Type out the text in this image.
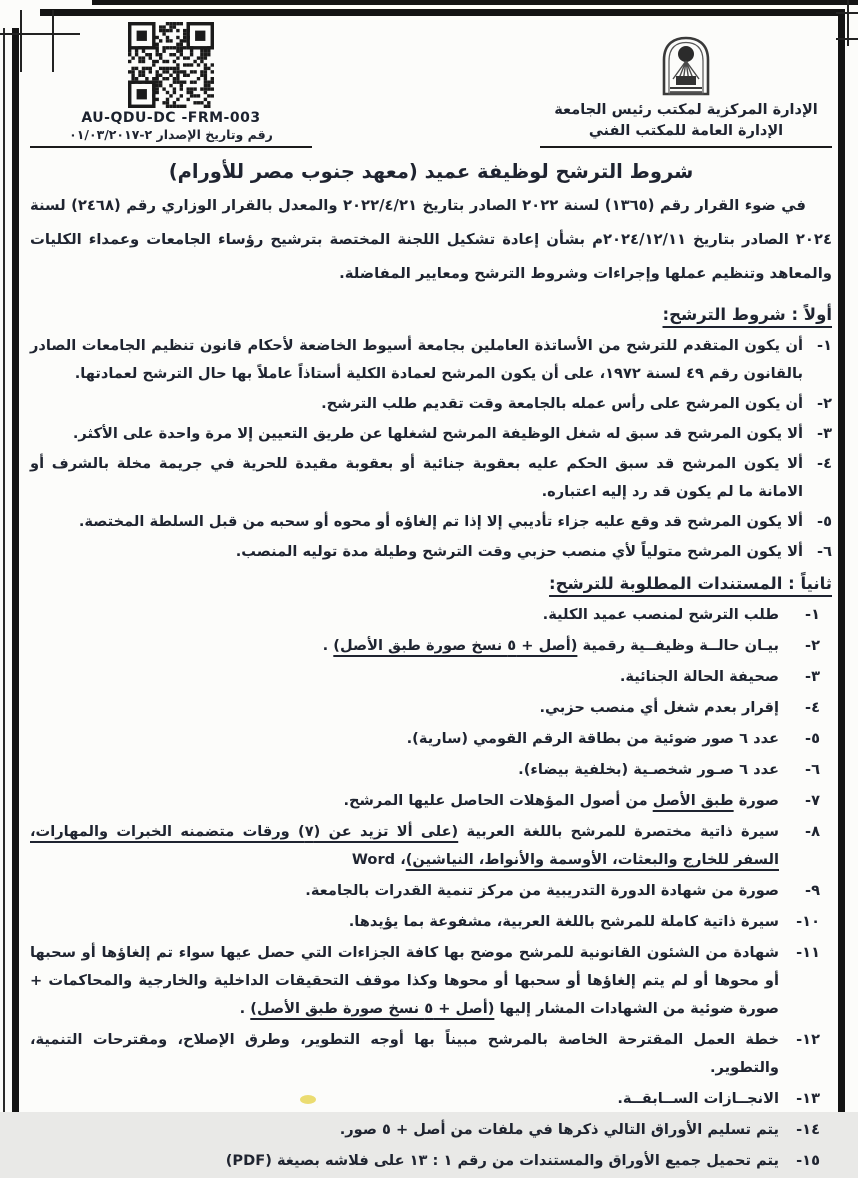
AU-QDU-DC -FRM-003
رقم وتاريخ الإصدار ٢-٠١/٠٣/٢٠١٧
الإدارة المركزية لمكتب رئيس الجامعة
الإدارة العامة للمكتب الفني
شروط الترشح لوظيفة عميد (معهد جنوب مصر للأورام)

في ضوء القرار رقم (١٣٦٥) لسنة ٢٠٢٢ الصادر بتاريخ ٢٠٢٢/٤/٢١ والمعدل بالقرار الوزاري رقم (٢٤٦٨) لسنة ٢٠٢٤ الصادر بتاريخ ٢٠٢٤/١٢/١١م بشأن إعادة تشكيل اللجنة المختصة بترشيح رؤساء الجامعات وعمداء الكليات والمعاهد وتنظيم عملها وإجراءات وشروط الترشح ومعايير المفاضلة.

أولاً : شروط الترشح:
١-
أن يكون المتقدم للترشح من الأساتذة العاملين بجامعة أسيوط الخاضعة لأحكام قانون تنظيم الجامعات الصادر بالقانون رقم ٤٩ لسنة ١٩٧٢، على أن يكون المرشح لعمادة الكلية أستاذاً عاملاً بها حال الترشح لعمادتها.
٢-
أن يكون المرشح على رأس عمله بالجامعة وقت تقديم طلب الترشح.
٣-
ألا يكون المرشح قد سبق له شغل الوظيفة المرشح لشغلها عن طريق التعيين إلا مرة واحدة على الأكثر.
٤-
ألا يكون المرشح قد سبق الحكم عليه بعقوبة جنائية أو بعقوبة مقيدة للحرية في جريمة مخلة بالشرف أو الامانة ما لم يكون قد رد إليه اعتباره.
٥-
ألا يكون المرشح قد وقع عليه جزاء تأديبي إلا إذا تم إلغاؤه أو محوه أو سحبه من قبل السلطة المختصة.
٦-
ألا يكون المرشح متولياً لأي منصب حزبي وقت الترشح وطيلة مدة توليه المنصب.
ثانياً : المستندات المطلوبة للترشح:
١-
طلب الترشح لمنصب عميد الكلية.
٢-
بيـان حالــة وظيفــية رقمية (أصل + ٥ نسخ صورة طبق الأصل) .
٣-
صحيفة الحالة الجنائية.
٤-
إقرار بعدم شغل أي منصب حزبي.
٥-
عدد ٦ صور ضوئية من بطاقة الرقم القومي (سارية).
٦-
عدد ٦ صـور شخصـية (بخلفية بيضاء).
٧-
صورة طبق الأصل من أصول المؤهلات الحاصل عليها المرشح.
٨-
سيرة ذاتية مختصرة للمرشح باللغة العربية (على ألا تزيد عن (٧) ورقات متضمنه الخبرات والمهارات، السفر للخارج والبعثات، الأوسمة والأنواط، النياشين)، Word
٩-
صورة من شهادة الدورة التدريبية من مركز تنمية القدرات بالجامعة.
١٠-
سيرة ذاتية كاملة للمرشح باللغة العربية، مشفوعة بما يؤيدها.
١١-
شهادة من الشئون القانونية للمرشح موضح بها كافة الجزاءات التي حصل عيها سواء تم إلغاؤها أو سحبها أو محوها أو لم يتم إلغاؤها أو سحبها أو محوها وكذا موقف التحقيقات الداخلية والخارجية والمحاكمات + صورة ضوئية من الشهادات المشار إليها (أصل + ٥ نسخ صورة طبق الأصل) .
١٢-
خطة العمل المقترحة الخاصة بالمرشح مبيناً بها أوجه التطوير، وطرق الإصلاح، ومقترحات التنمية، والتطوير.
١٣-
الانجــازات الســابقــة.
١٤-
يتم تسليم الأوراق التالي ذكرها في ملفات من أصل + ٥ صور.
١٥-
يتم تحميل جميع الأوراق والمستندات من رقم ١ : ١٣ على فلاشه بصيغة (PDF)
